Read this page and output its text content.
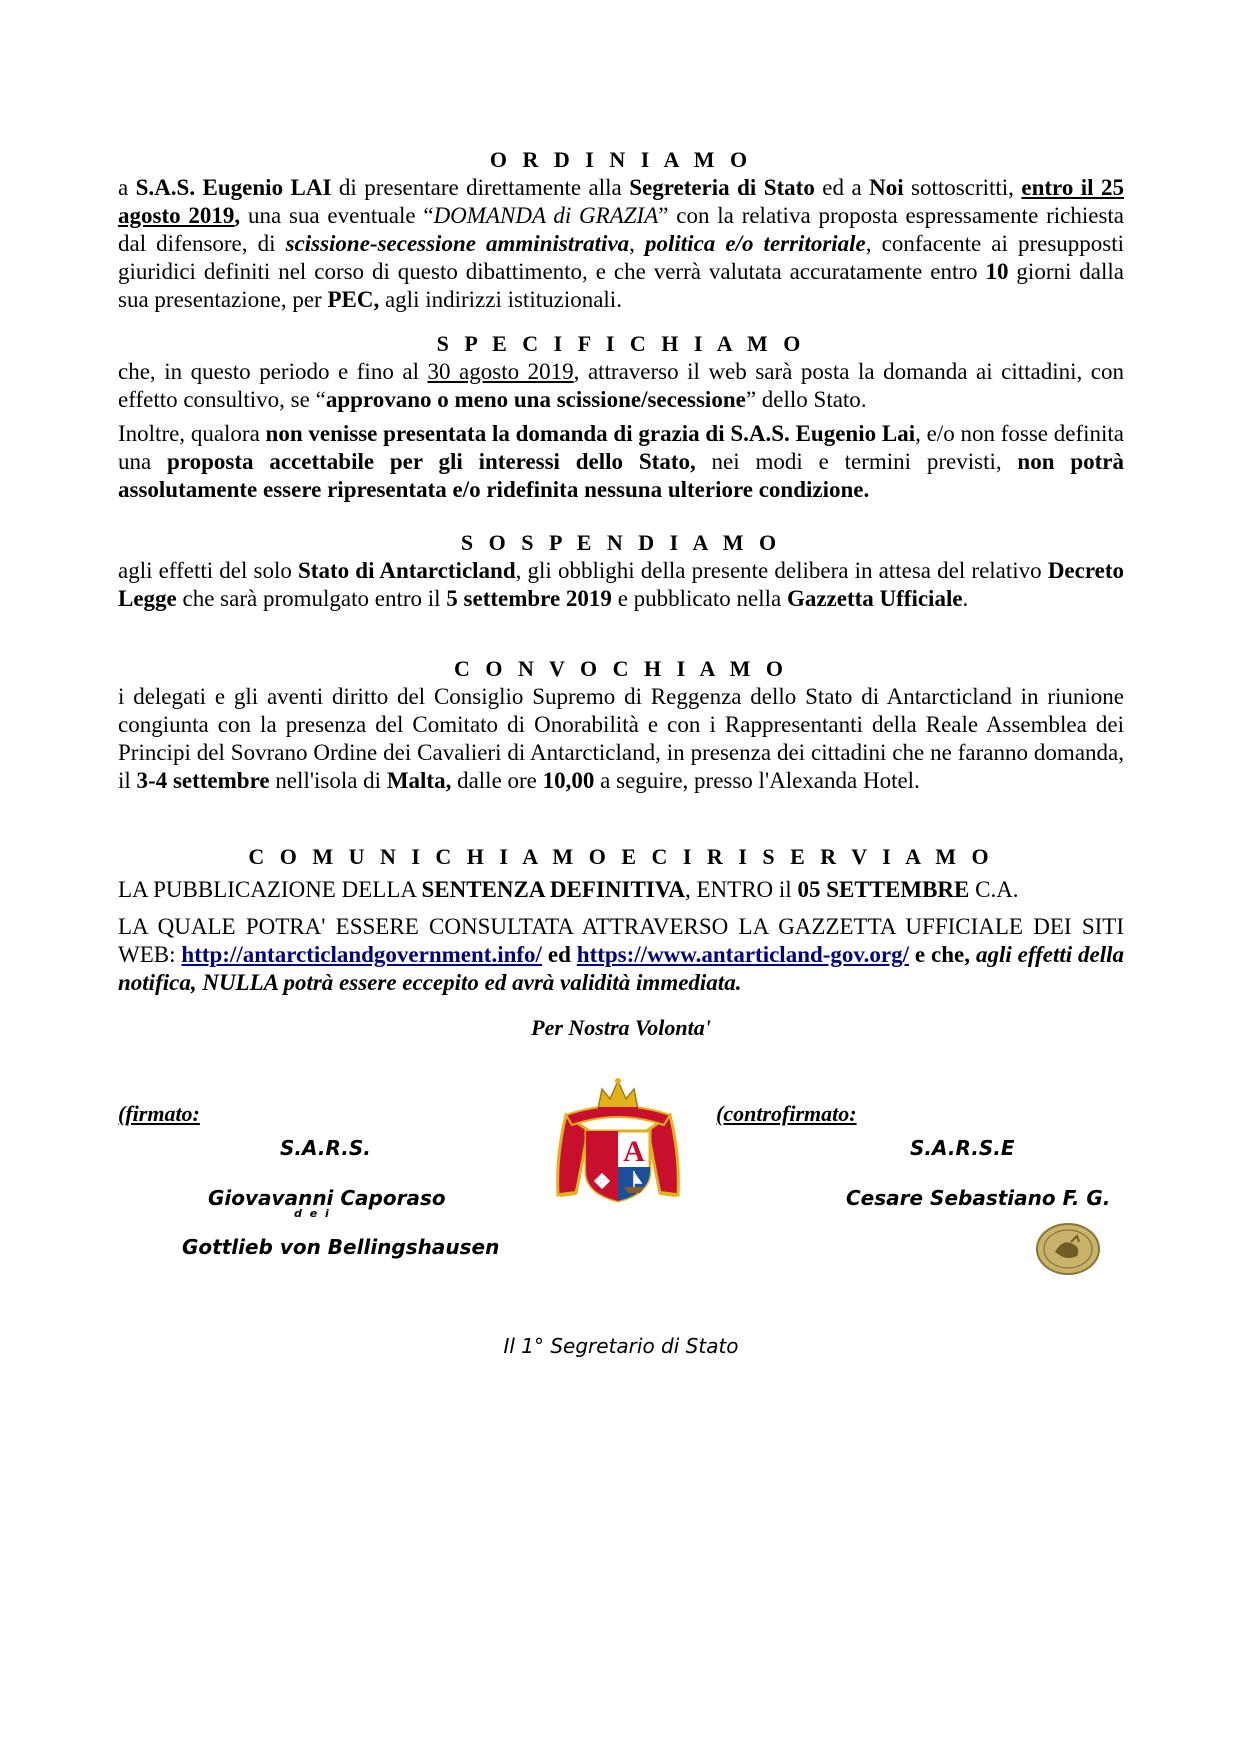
O R D I N I A M O

a S.A.S. Eugenio LAI di presentare direttamente alla Segreteria di Stato ed a Noi sottoscritti, entro il 25 agosto 2019, una sua eventuale “DOMANDA di GRAZIA” con la relativa proposta espressamente richiesta dal difensore, di scissione-secessione amministrativa, politica e/o territoriale, confacente ai presupposti giuridici definiti nel corso di questo dibattimento, e che verrà valutata accuratamente entro 10 giorni dalla sua presentazione, per PEC, agli indirizzi istituzionali.

S P E C I F I C H I A M O

che, in questo periodo e fino al 30 agosto 2019, attraverso il web sarà posta la domanda ai cittadini, con effetto consultivo, se “approvano o meno una scissione/secessione” dello Stato.

Inoltre, qualora non venisse presentata la domanda di grazia di S.A.S. Eugenio Lai, e/o non fosse definita una proposta accettabile per gli interessi dello Stato, nei modi e termini previsti, non potrà assolutamente essere ripresentata e/o ridefinita nessuna ulteriore condizione.

S O S P E N D I A M O

agli effetti del solo Stato di Antarcticland, gli obblighi della presente delibera in attesa del relativo Decreto Legge che sarà promulgato entro il 5 settembre 2019 e pubblicato nella Gazzetta Ufficiale.

C O N V O C H I A M O

i delegati e gli aventi diritto del Consiglio Supremo di Reggenza dello Stato di Antarcticland in riunione congiunta con la presenza del Comitato di Onorabilità e con i Rappresentanti della Reale Assemblea dei Principi del Sovrano Ordine dei Cavalieri di Antarcticland, in presenza dei cittadini che ne faranno domanda, il 3-4 settembre nell'isola di Malta, dalle ore 10,00 a seguire, presso l'Alexanda Hotel.

C O M U N I C H I A M O E C I R I S E R V I A M O

LA PUBBLICAZIONE DELLA SENTENZA DEFINITIVA, ENTRO il 05 SETTEMBRE C.A.

LA QUALE POTRA' ESSERE CONSULTATA ATTRAVERSO LA GAZZETTA UFFICIALE DEI SITI WEB: http://antarcticlandgovernment.info/ ed https://www.antarticland-gov.org/ e che, agli effetti della notifica, NULLA potrà essere eccepito ed avrà validità immediata.

Per Nostra Volonta'
(firmato:
S.A.R.S.
Giovavanni Caporaso
d e i
Gottlieb von Bellingshausen
A
(controfirmato:
S.A.R.S.E
Cesare Sebastiano F. G.
Il 1° Segretario di Stato
